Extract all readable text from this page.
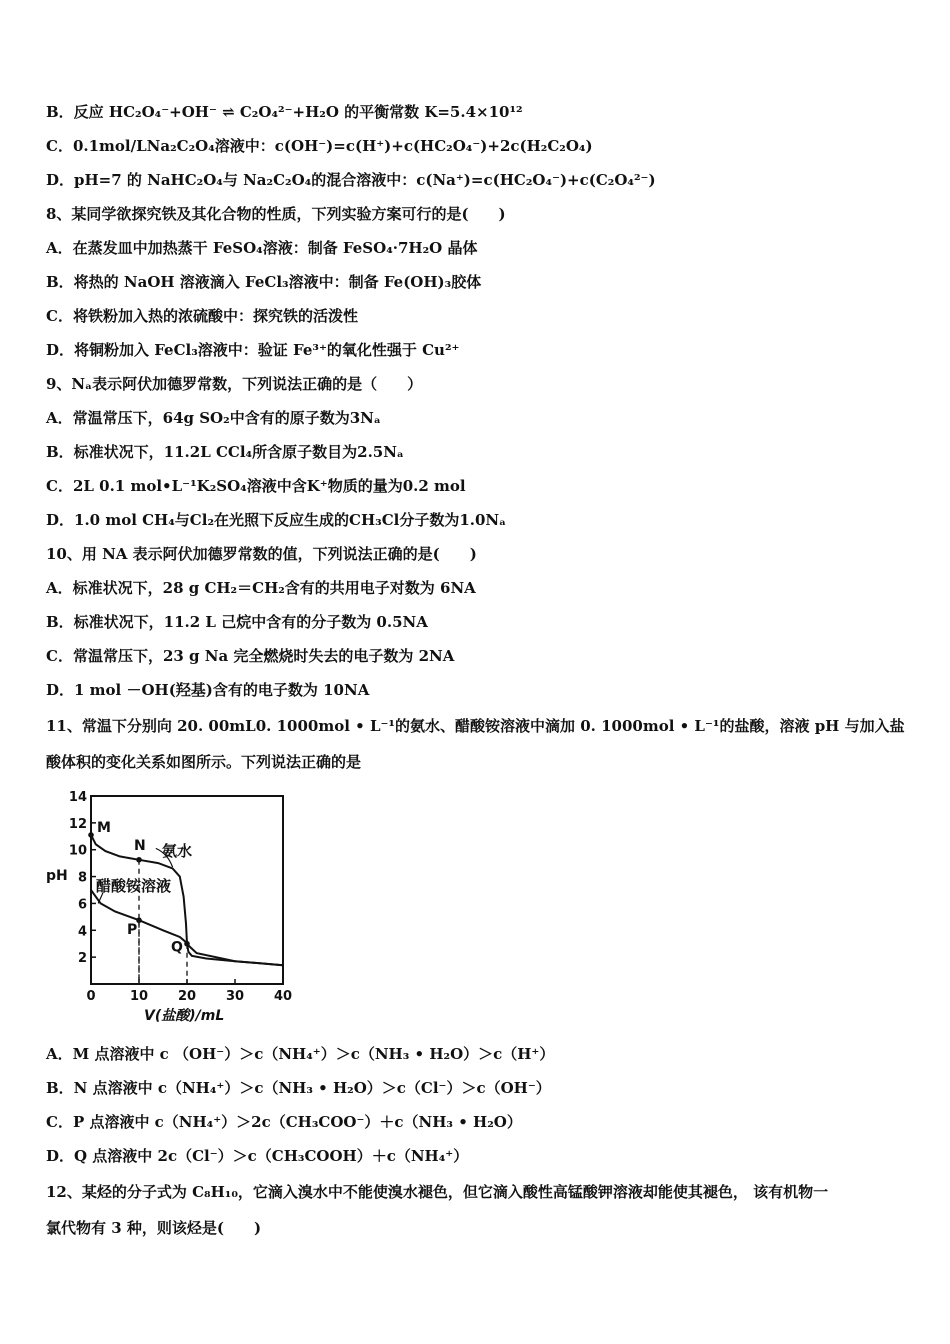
B．反应 HC₂O₄⁻+OH⁻ ⇌ C₂O₄²⁻+H₂O 的平衡常数 K=5.4×10¹²
C．0.1mol/LNa₂C₂O₄溶液中：c(OH⁻)=c(H⁺)+c(HC₂O₄⁻)+2c(H₂C₂O₄)
D．pH=7 的 NaHC₂O₄与 Na₂C₂O₄的混合溶液中：c(Na⁺)=c(HC₂O₄⁻)+c(C₂O₄²⁻)
8、某同学欲探究铁及其化合物的性质，下列实验方案可行的是(　　)
A．在蒸发皿中加热蒸干 FeSO₄溶液：制备 FeSO₄·7H₂O 晶体
B．将热的 NaOH 溶液滴入 FeCl₃溶液中：制备 Fe(OH)₃胶体
C．将铁粉加入热的浓硫酸中：探究铁的活泼性
D．将铜粉加入 FeCl₃溶液中：验证 Fe³⁺的氧化性强于 Cu²⁺
9、Nₐ表示阿伏加德罗常数，下列说法正确的是（　　）
A．常温常压下，64g SO₂中含有的原子数为3Nₐ
B．标准状况下，11.2L CCl₄所含原子数目为2.5Nₐ
C．2L 0.1 mol•L⁻¹K₂SO₄溶液中含K⁺物质的量为0.2 mol
D．1.0 mol CH₄与Cl₂在光照下反应生成的CH₃Cl分子数为1.0Nₐ
10、用 NA 表示阿伏加德罗常数的值，下列说法正确的是(　　)
A．标准状况下，28 g CH₂＝CH₂含有的共用电子对数为 6NA
B．标准状况下，11.2 L 己烷中含有的分子数为 0.5NA
C．常温常压下，23 g Na 完全燃烧时失去的电子数为 2NA
D．1 mol －OH(羟基)含有的电子数为 10NA
11、常温下分别向 20. 00mL0. 1000mol • L⁻¹的氨水、醋酸铵溶液中滴加 0. 1000mol • L⁻¹的盐酸，溶液 pH 与加入盐
酸体积的变化关系如图所示。下列说法正确的是
0	10 20 30 40
2
4
6
8
10
12
14
M
N
P
Q
pH
V(盐酸)/mL
氨水
醋酸铵溶液
A．M 点溶液中 c （OH⁻）＞c（NH₄⁺）＞c（NH₃ • H₂O）＞c（H⁺）
B．N 点溶液中 c（NH₄⁺）＞c（NH₃ • H₂O）＞c（Cl⁻）＞c（OH⁻）
C．P 点溶液中 c（NH₄⁺）＞2c（CH₃COO⁻）＋c（NH₃ • H₂O）
D．Q 点溶液中 2c（Cl⁻）＞c（CH₃COOH）＋c（NH₄⁺）
12、某烃的分子式为 C₈H₁₀，它滴入溴水中不能使溴水褪色，但它滴入酸性高锰酸钾溶液却能使其褪色， 该有机物一
氯代物有 3 种，则该烃是(　　)
